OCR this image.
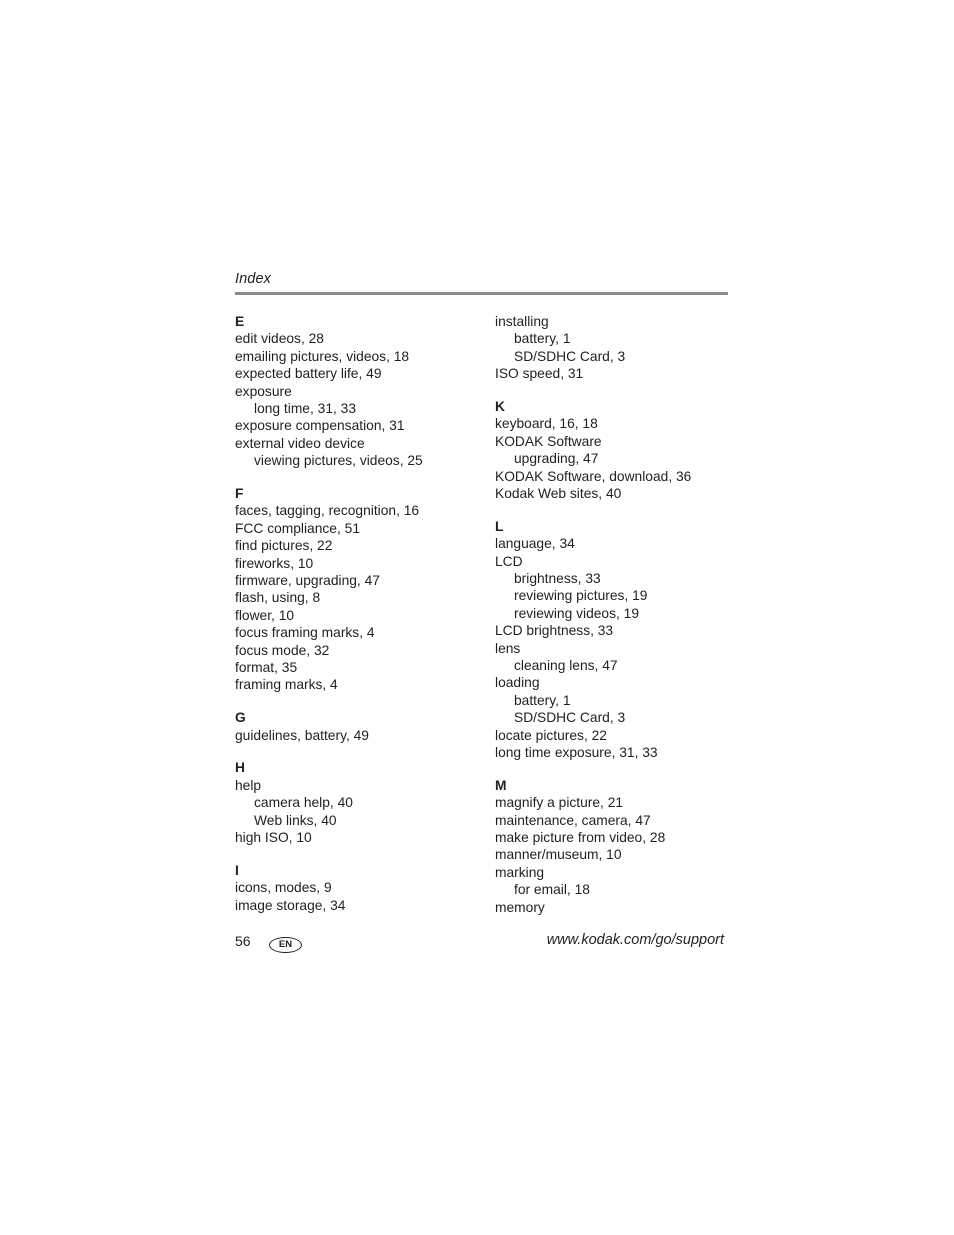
Index
E
edit videos, 28
emailing pictures, videos, 18
expected battery life, 49
exposure
long time, 31, 33
exposure compensation, 31
external video device
viewing pictures, videos, 25
F
faces, tagging, recognition, 16
FCC compliance, 51
find pictures, 22
fireworks, 10
firmware, upgrading, 47
flash, using, 8
flower, 10
focus framing marks, 4
focus mode, 32
format, 35
framing marks, 4
G
guidelines, battery, 49
H
help
camera help, 40
Web links, 40
high ISO, 10
I
icons, modes, 9
image storage, 34
installing
battery, 1
SD/SDHC Card, 3
ISO speed, 31
K
keyboard, 16, 18
KODAK Software
upgrading, 47
KODAK Software, download, 36
Kodak Web sites, 40
L
language, 34
LCD
brightness, 33
reviewing pictures, 19
reviewing videos, 19
LCD brightness, 33
lens
cleaning lens, 47
loading
battery, 1
SD/SDHC Card, 3
locate pictures, 22
long time exposure, 31, 33
M
magnify a picture, 21
maintenance, camera, 47
make picture from video, 28
manner/museum, 10
marking
for email, 18
memory
56	EN	www.kodak.com/go/support
